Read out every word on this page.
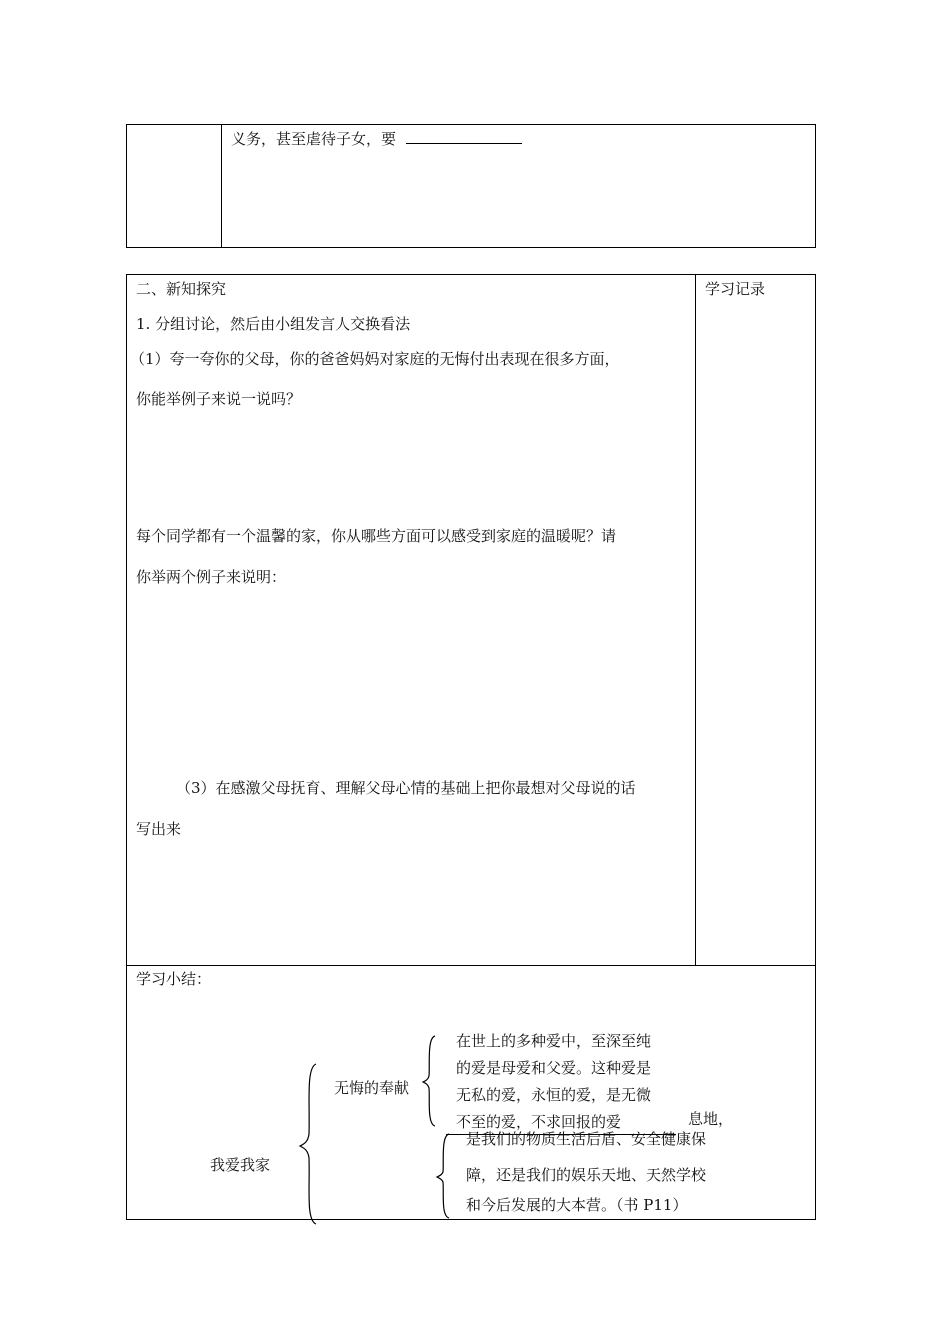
义务，甚至虐待子女，要
二、新知探究	学习记录
1. 分组讨论，然后由小组发言人交换看法
（1）夸一夸你的父母，你的爸爸妈妈对家庭的无悔付出表现在很多方面，
你能举例子来说一说吗？
每个同学都有一个温馨的家，你从哪些方面可以感受到家庭的温暖呢？请
你举两个例子来说明：
（3）在感激父母抚育、理解父母心情的基础上把你最想对父母说的话
写出来
学习小结：
我爱我家
无悔的奉献
在世上的多种爱中，至深至纯
的爱是母爱和父爱。这种爱是
无私的爱，永恒的爱，是无微
不至的爱，不求回报的爱	息地，
是我们的物质生活后盾、安全健康保
障，还是我们的娱乐天地、天然学校
和今后发展的大本营。（书 P11）
